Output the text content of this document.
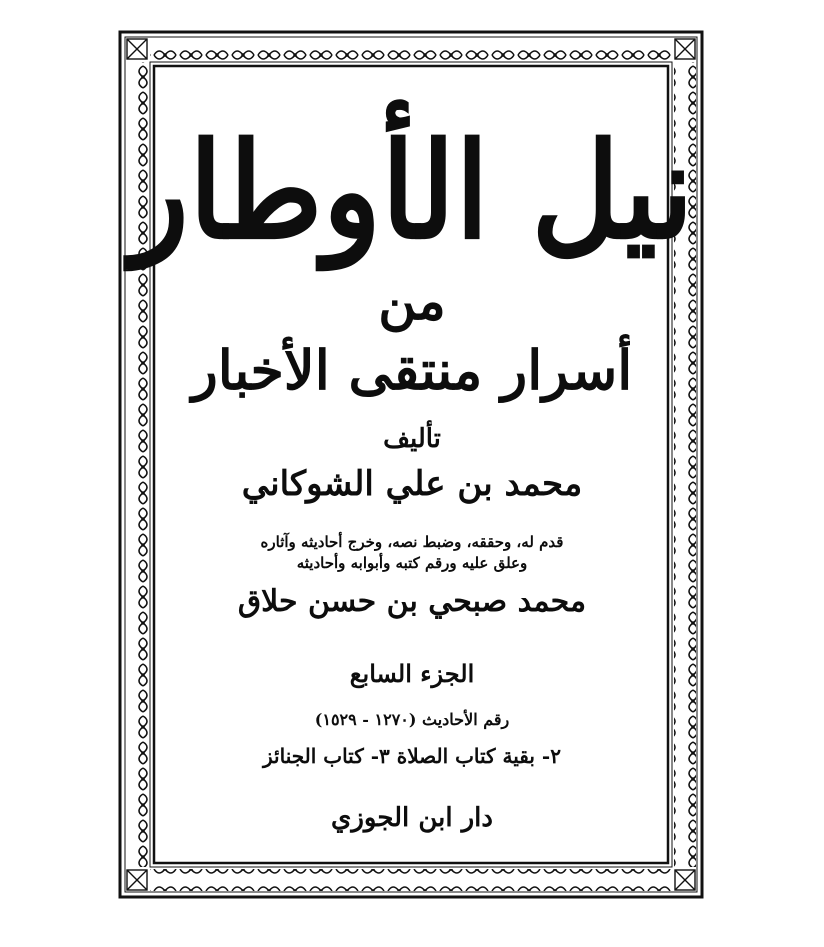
نيل الأوطار
من
أسرار منتقى الأخبار
تأليف
محمد بن علي الشوكاني
قدم له، وحققه، وضبط نصه، وخرج أحاديثه وآثاره
وعلق عليه ورقم كتبه وأبوابه وأحاديثه
محمد صبحي بن حسن حلاق
الجزء السابع
رقم الأحاديث (١٢٧٠ - ١٥٢٩)
٢- بقية كتاب الصلاة ٣- كتاب الجنائز
دار ابن الجوزي
